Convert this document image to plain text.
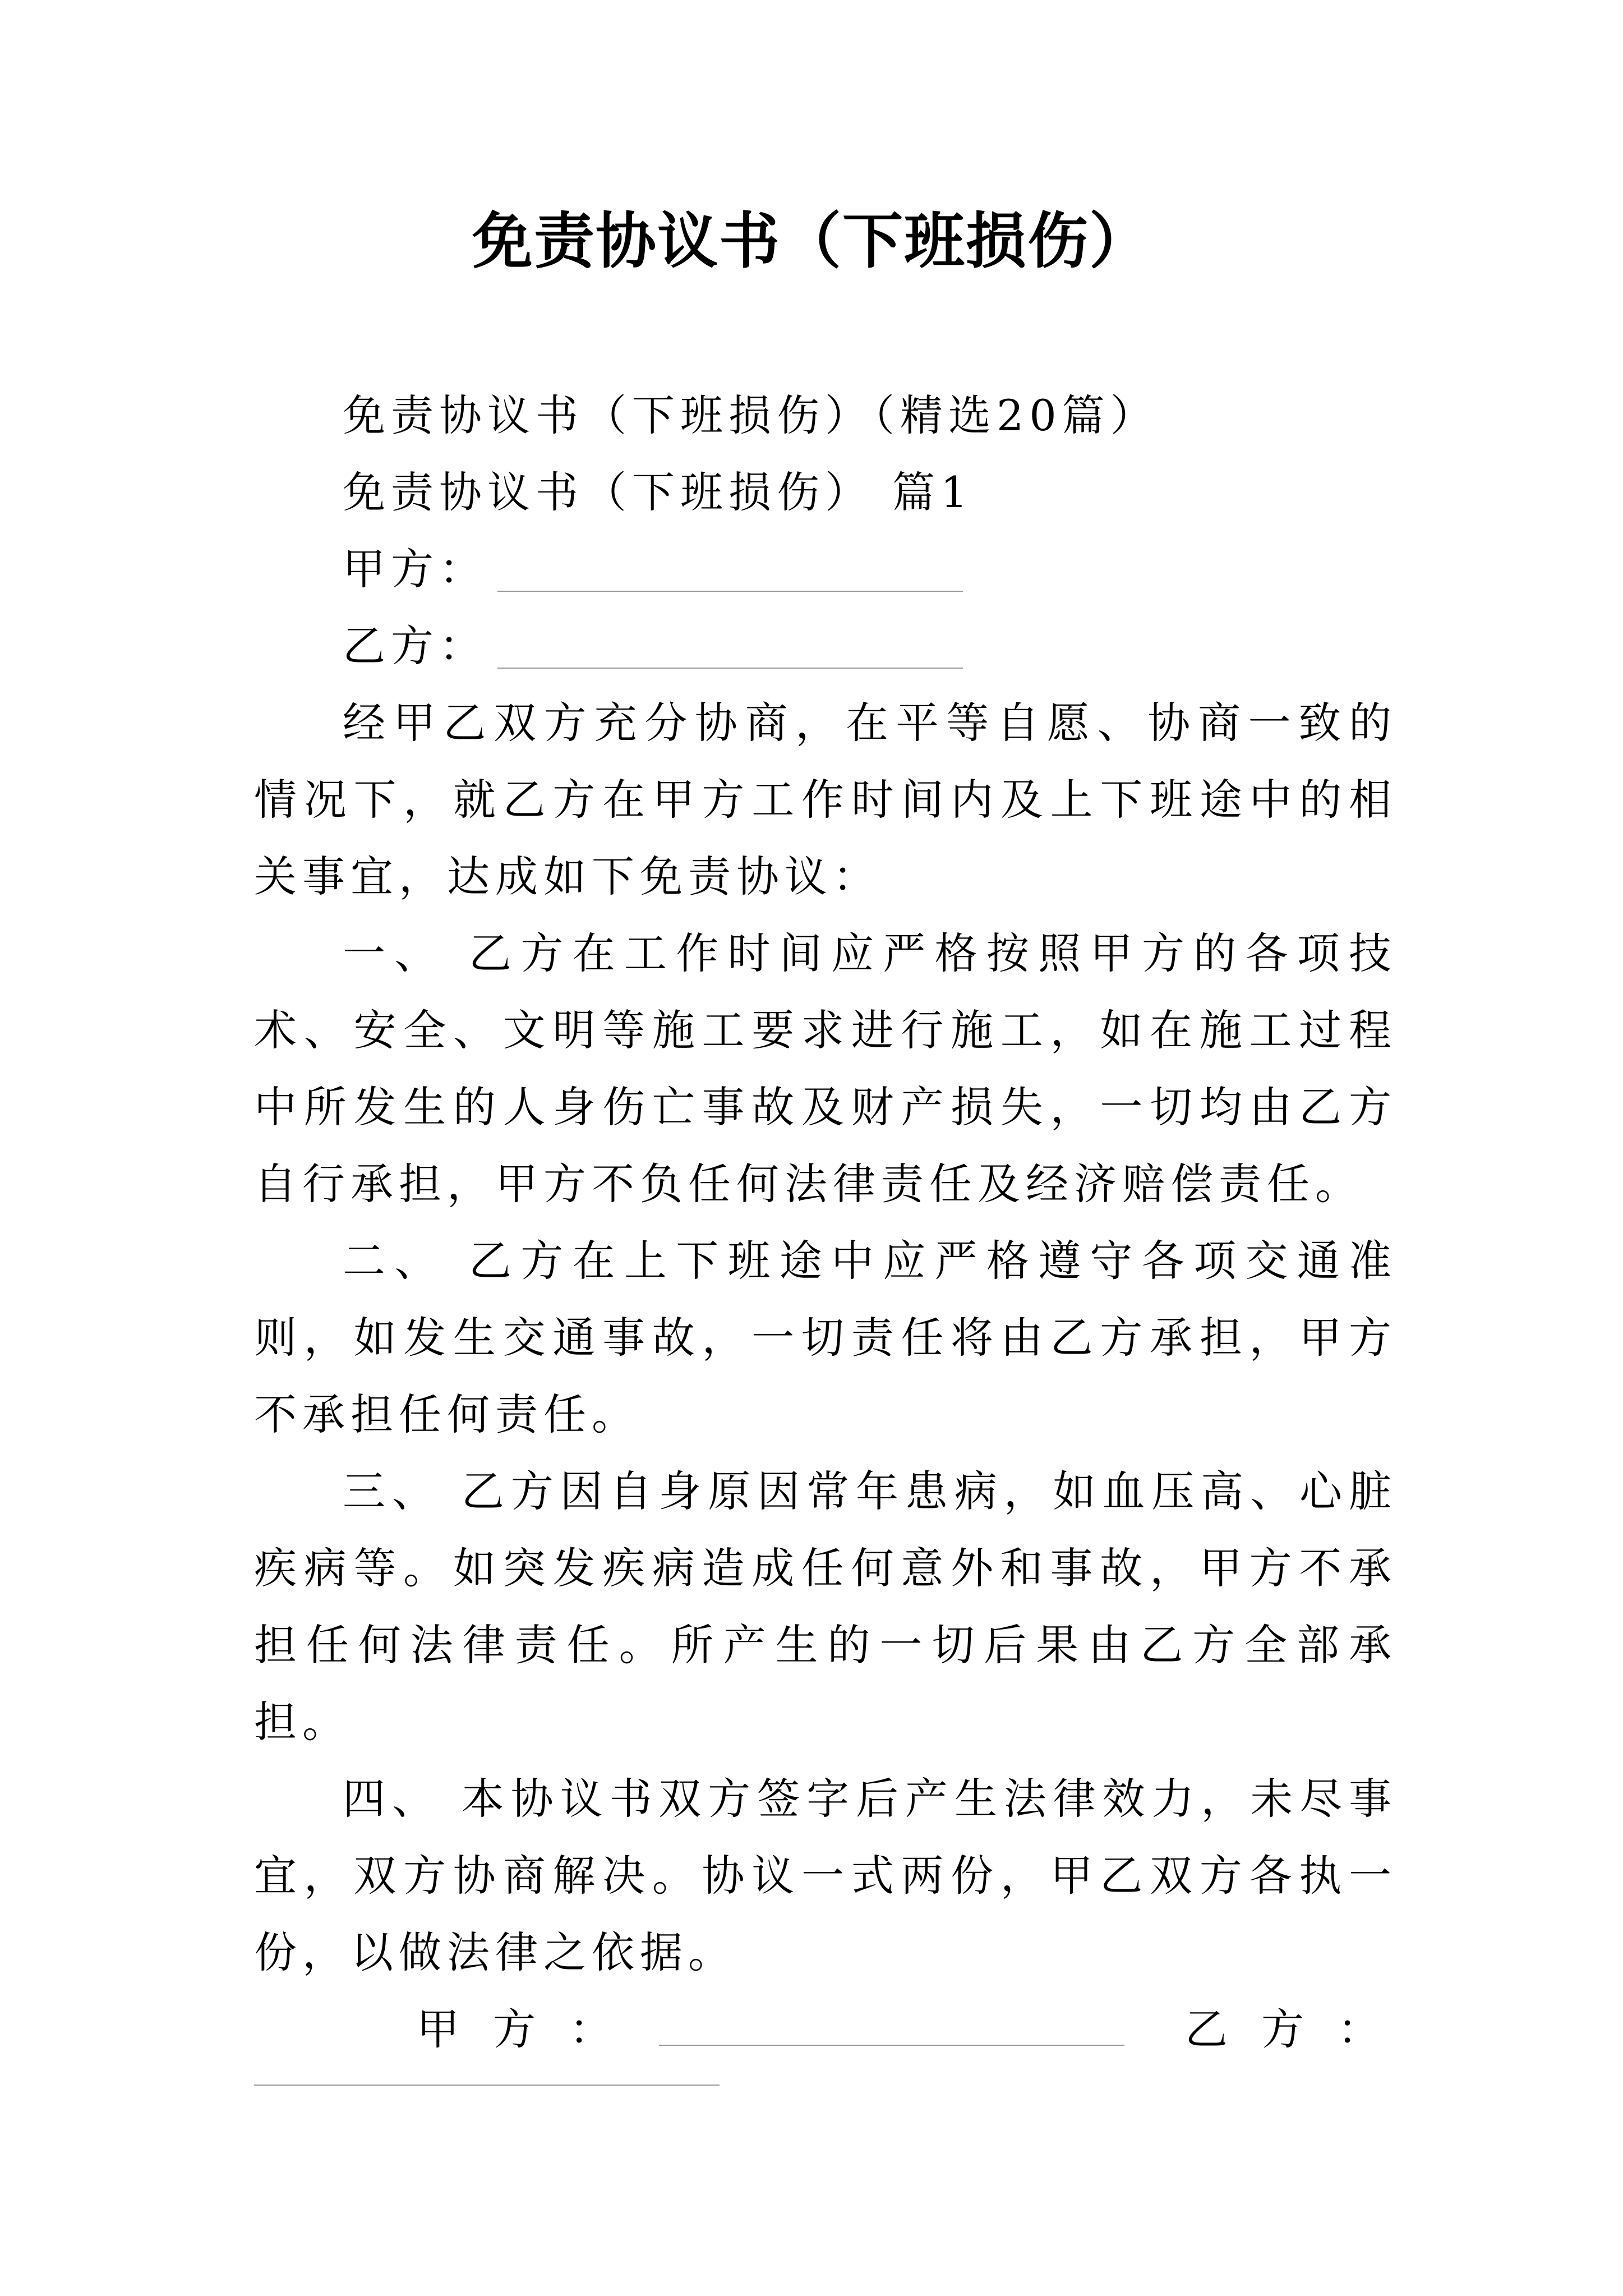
免责协议书（下班损伤）
免责协议书（下班损伤）（精选20篇）
免责协议书（下班损伤） 篇1
甲方：
乙方：

经甲乙双方充分协商，在平等自愿、协商一致的情况下，就乙方在甲方工作时间内及上下班途中的相关事宜，达成如下免责协议：

一、 乙方在工作时间应严格按照甲方的各项技术、安全、文明等施工要求进行施工，如在施工过程中所发生的人身伤亡事故及财产损失，一切均由乙方自行承担，甲方不负任何法律责任及经济赔偿责任。

二、 乙方在上下班途中应严格遵守各项交通准则，如发生交通事故，一切责任将由乙方承担，甲方不承担任何责任。

三、 乙方因自身原因常年患病，如血压高、心脏疾病等。如突发疾病造成任何意外和事故，甲方不承担任何法律责任。所产生的一切后果由乙方全部承担。

四、 本协议书双方签字后产生法律效力，未尽事宜，双方协商解决。协议一式两份，甲乙双方各执一份，以做法律之依据。

甲方：	乙方：
